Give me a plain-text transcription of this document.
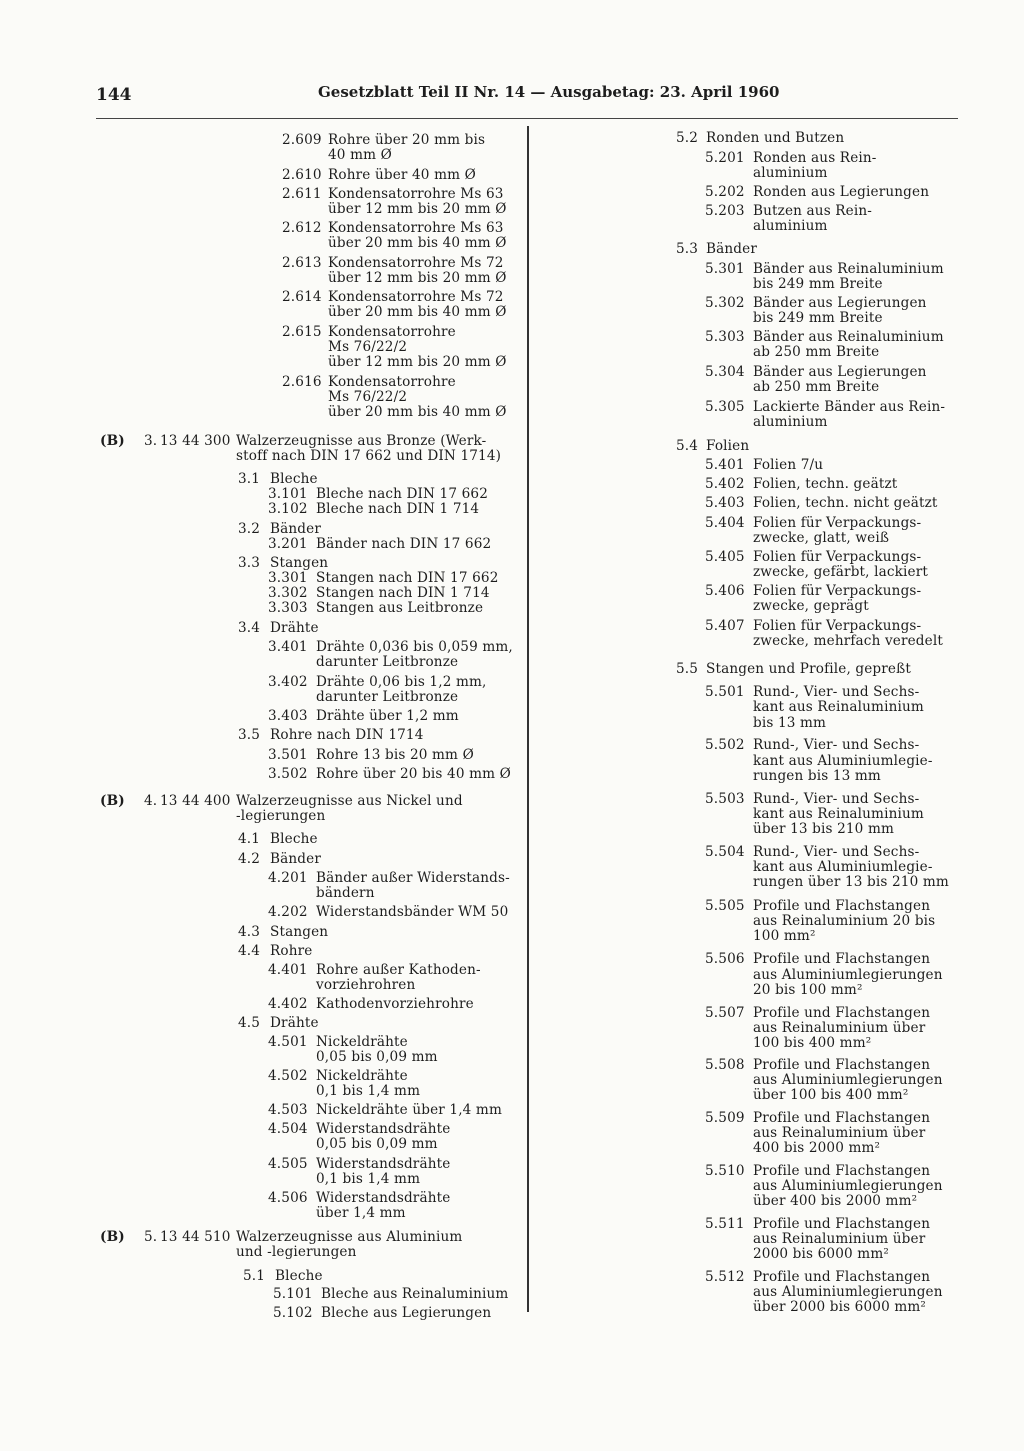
144	Gesetzblatt Teil II Nr. 14 — Ausgabetag: 23. April 1960
2.609 Rohre über 20 mm bis
40 mm Ø
2.610 Rohre über 40 mm Ø
2.611 Kondensatorrohre Ms 63
über 12 mm bis 20 mm Ø
2.612 Kondensatorrohre Ms 63
über 20 mm bis 40 mm Ø
2.613 Kondensatorrohre Ms 72
über 12 mm bis 20 mm Ø
2.614 Kondensatorrohre Ms 72
über 20 mm bis 40 mm Ø
2.615 Kondensatorrohre
Ms 76/22/2
über 12 mm bis 20 mm Ø
2.616 Kondensatorrohre
Ms 76/22/2
über 20 mm bis 40 mm Ø
(B) 3. 13 44 300 Walzerzeugnisse aus Bronze (Werk-
stoff nach DIN 17 662 und DIN 1714)
3.1 Bleche
3.101 Bleche nach DIN 17 662
3.102 Bleche nach DIN 1 714
3.2 Bänder
3.201 Bänder nach DIN 17 662
3.3 Stangen
3.301 Stangen nach DIN 17 662
3.302 Stangen nach DIN 1 714
3.303 Stangen aus Leitbronze
3.4 Drähte
3.401 Drähte 0,036 bis 0,059 mm,
darunter Leitbronze
3.402 Drähte 0,06 bis 1,2 mm,
darunter Leitbronze
3.403 Drähte über 1,2 mm
3.5 Rohre nach DIN 1714
3.501 Rohre 13 bis 20 mm Ø
3.502 Rohre über 20 bis 40 mm Ø
(B) 4. 13 44 400 Walzerzeugnisse aus Nickel und
-legierungen
4.1 Bleche
4.2 Bänder
4.201 Bänder außer Widerstands-
bändern
4.202 Widerstandsbänder WM 50
4.3 Stangen
4.4 Rohre
4.401 Rohre außer Kathoden-
vorziehrohren
4.402 Kathodenvorziehrohre
4.5 Drähte
4.501 Nickeldrähte
0,05 bis 0,09 mm
4.502 Nickeldrähte
0,1 bis 1,4 mm
4.503 Nickeldrähte über 1,4 mm
4.504 Widerstandsdrähte
0,05 bis 0,09 mm
4.505 Widerstandsdrähte
0,1 bis 1,4 mm
4.506 Widerstandsdrähte
über 1,4 mm
(B) 5. 13 44 510 Walzerzeugnisse aus Aluminium
und -legierungen
5.1 Bleche
5.101 Bleche aus Reinaluminium
5.102 Bleche aus Legierungen
5.2 Ronden und Butzen
5.201 Ronden aus Rein-
aluminium
5.202 Ronden aus Legierungen
5.203 Butzen aus Rein-
aluminium
5.3 Bänder
5.301 Bänder aus Reinaluminium
bis 249 mm Breite
5.302 Bänder aus Legierungen
bis 249 mm Breite
5.303 Bänder aus Reinaluminium
ab 250 mm Breite
5.304 Bänder aus Legierungen
ab 250 mm Breite
5.305 Lackierte Bänder aus Rein-
aluminium
5.4 Folien
5.401 Folien 7/u
5.402 Folien, techn. geätzt
5.403 Folien, techn. nicht geätzt
5.404 Folien für Verpackungs-
zwecke, glatt, weiß
5.405 Folien für Verpackungs-
zwecke, gefärbt, lackiert
5.406 Folien für Verpackungs-
zwecke, geprägt
5.407 Folien für Verpackungs-
zwecke, mehrfach veredelt
5.5 Stangen und Profile, gepreßt
5.501 Rund-, Vier- und Sechs-
kant aus Reinaluminium
bis 13 mm
5.502 Rund-, Vier- und Sechs-
kant aus Aluminiumlegie-
rungen bis 13 mm
5.503 Rund-, Vier- und Sechs-
kant aus Reinaluminium
über 13 bis 210 mm
5.504 Rund-, Vier- und Sechs-
kant aus Aluminiumlegie-
rungen über 13 bis 210 mm
5.505 Profile und Flachstangen
aus Reinaluminium 20 bis
100 mm²
5.506 Profile und Flachstangen
aus Aluminiumlegierungen
20 bis 100 mm²
5.507 Profile und Flachstangen
aus Reinaluminium über
100 bis 400 mm²
5.508 Profile und Flachstangen
aus Aluminiumlegierungen
über 100 bis 400 mm²
5.509 Profile und Flachstangen
aus Reinaluminium über
400 bis 2000 mm²
5.510 Profile und Flachstangen
aus Aluminiumlegierungen
über 400 bis 2000 mm²
5.511 Profile und Flachstangen
aus Reinaluminium über
2000 bis 6000 mm²
5.512 Profile und Flachstangen
aus Aluminiumlegierungen
über 2000 bis 6000 mm²
